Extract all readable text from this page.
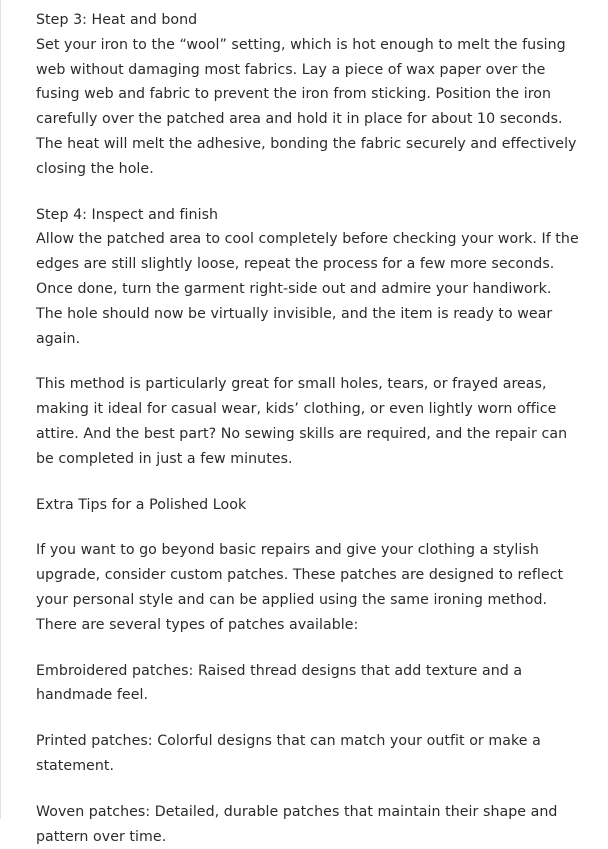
Step 3: Heat and bond
Set your iron to the “wool” setting, which is hot enough to melt the fusing web without damaging most fabrics. Lay a piece of wax paper over the fusing web and fabric to prevent the iron from sticking. Position the iron carefully over the patched area and hold it in place for about 10 seconds. The heat will melt the adhesive, bonding the fabric securely and effectively closing the hole.
Step 4: Inspect and finish
Allow the patched area to cool completely before checking your work. If the edges are still slightly loose, repeat the process for a few more seconds. Once done, turn the garment right-side out and admire your handiwork. The hole should now be virtually invisible, and the item is ready to wear again.

This method is particularly great for small holes, tears, or frayed areas, making it ideal for casual wear, kids’ clothing, or even lightly worn office attire. And the best part? No sewing skills are required, and the repair can be completed in just a few minutes.

Extra Tips for a Polished Look

If you want to go beyond basic repairs and give your clothing a stylish upgrade, consider custom patches. These patches are designed to reflect your personal style and can be applied using the same ironing method. There are several types of patches available:

Embroidered patches: Raised thread designs that add texture and a handmade feel.

Printed patches: Colorful designs that can match your outfit or make a statement.

Woven patches: Detailed, durable patches that maintain their shape and pattern over time.
